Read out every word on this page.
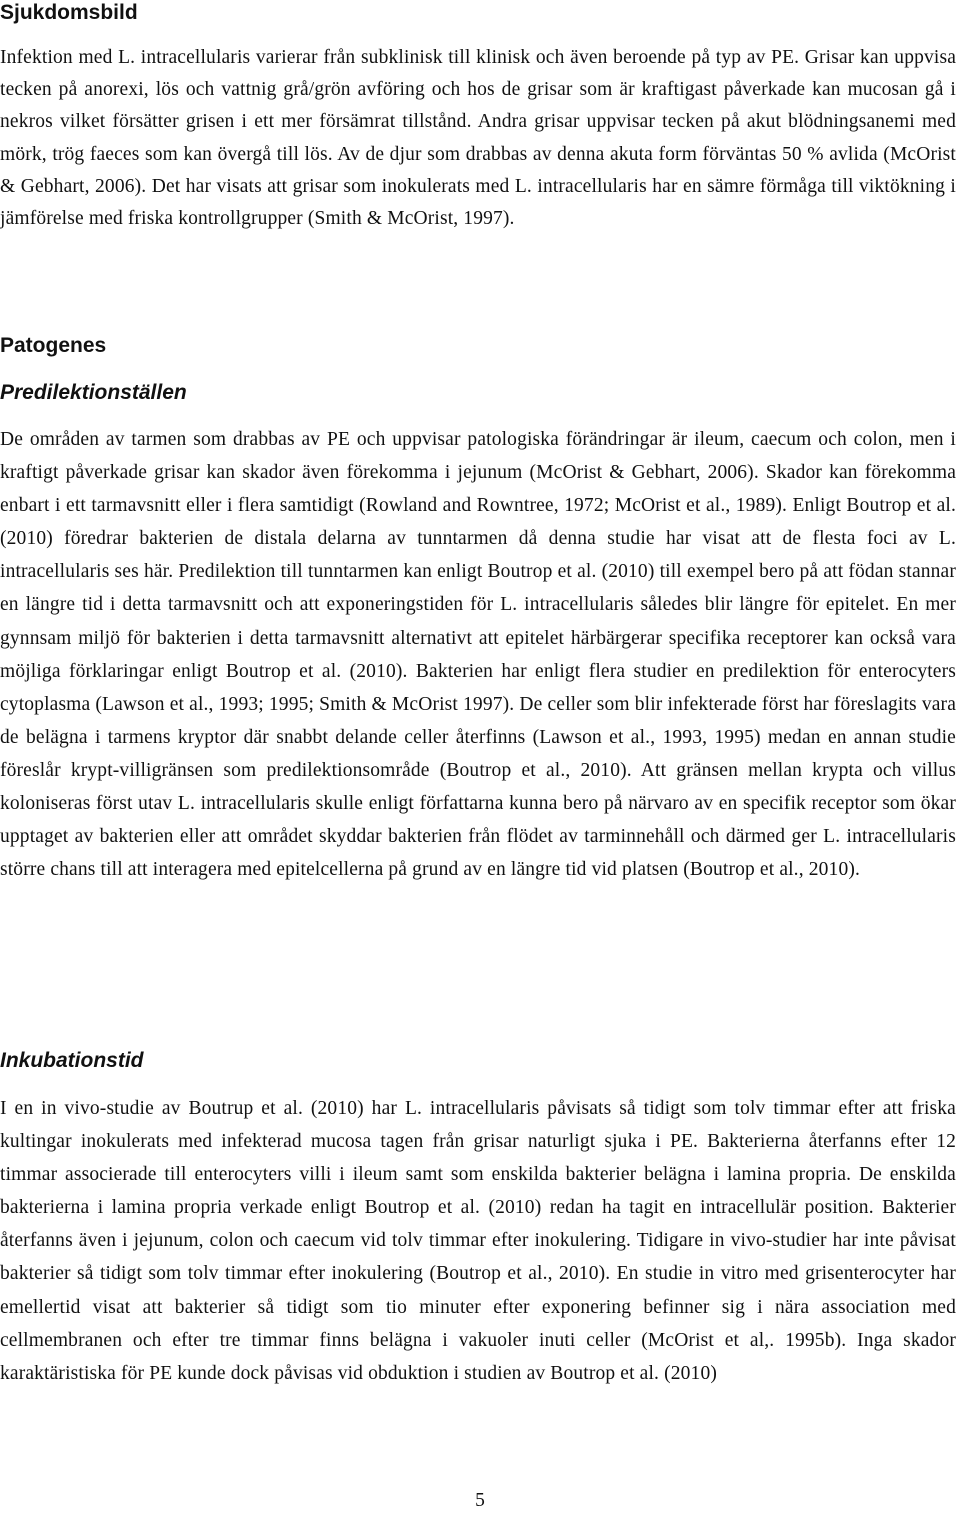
Sjukdomsbild

Infektion med L. intracellularis varierar från subklinisk till klinisk och även beroende på typ av PE. Grisar kan uppvisa tecken på anorexi, lös och vattnig grå/grön avföring och hos de grisar som är kraftigast påverkade kan mucosan gå i nekros vilket försätter grisen i ett mer försämrat tillstånd. Andra grisar uppvisar tecken på akut blödningsanemi med mörk, trög faeces som kan övergå till lös. Av de djur som drabbas av denna akuta form förväntas 50 % avlida (McOrist & Gebhart, 2006). Det har visats att grisar som inokulerats med L. intracellularis har en sämre förmåga till viktökning i jämförelse med friska kontrollgrupper (Smith & McOrist, 1997).

Patogenes
Predilektionställen

De områden av tarmen som drabbas av PE och uppvisar patologiska förändringar är ileum, caecum och colon, men i kraftigt påverkade grisar kan skador även förekomma i jejunum (McOrist & Gebhart, 2006). Skador kan förekomma enbart i ett tarmavsnitt eller i flera samtidigt (Rowland and Rowntree, 1972; McOrist et al., 1989). Enligt Boutrop et al. (2010) föredrar bakterien de distala delarna av tunntarmen då denna studie har visat att de flesta foci av L. intracellularis ses här. Predilektion till tunntarmen kan enligt Boutrop et al. (2010) till exempel bero på att födan stannar en längre tid i detta tarmavsnitt och att exponeringstiden för L. intracellularis således blir längre för epitelet. En mer gynnsam miljö för bakterien i detta tarmavsnitt alternativt att epitelet härbärgerar specifika receptorer kan också vara möjliga förklaringar enligt Boutrop et al. (2010). Bakterien har enligt flera studier en predilektion för enterocyters cytoplasma (Lawson et al., 1993; 1995; Smith & McOrist 1997). De celler som blir infekterade först har föreslagits vara de belägna i tarmens kryptor där snabbt delande celler återfinns (Lawson et al., 1993, 1995) medan en annan studie föreslår krypt-villigränsen som predilektionsområde (Boutrop et al., 2010). Att gränsen mellan krypta och villus koloniseras först utav L. intracellularis skulle enligt författarna kunna bero på närvaro av en specifik receptor som ökar upptaget av bakterien eller att området skyddar bakterien från flödet av tarminnehåll och därmed ger L. intracellularis större chans till att interagera med epitelcellerna på grund av en längre tid vid platsen (Boutrop et al., 2010).

Inkubationstid

I en in vivo-studie av Boutrup et al. (2010) har L. intracellularis påvisats så tidigt som tolv timmar efter att friska kultingar inokulerats med infekterad mucosa tagen från grisar naturligt sjuka i PE. Bakterierna återfanns efter 12 timmar associerade till enterocyters villi i ileum samt som enskilda bakterier belägna i lamina propria. De enskilda bakterierna i lamina propria verkade enligt Boutrop et al. (2010) redan ha tagit en intracellulär position. Bakterier återfanns även i jejunum, colon och caecum vid tolv timmar efter inokulering. Tidigare in vivo-studier har inte påvisat bakterier så tidigt som tolv timmar efter inokulering (Boutrop et al., 2010). En studie in vitro med grisenterocyter har emellertid visat att bakterier så tidigt som tio minuter efter exponering befinner sig i nära association med cellmembranen och efter tre timmar finns belägna i vakuoler inuti celler (McOrist et al,. 1995b). Inga skador karaktäristiska för PE kunde dock påvisas vid obduktion i studien av Boutrop et al. (2010)

5
